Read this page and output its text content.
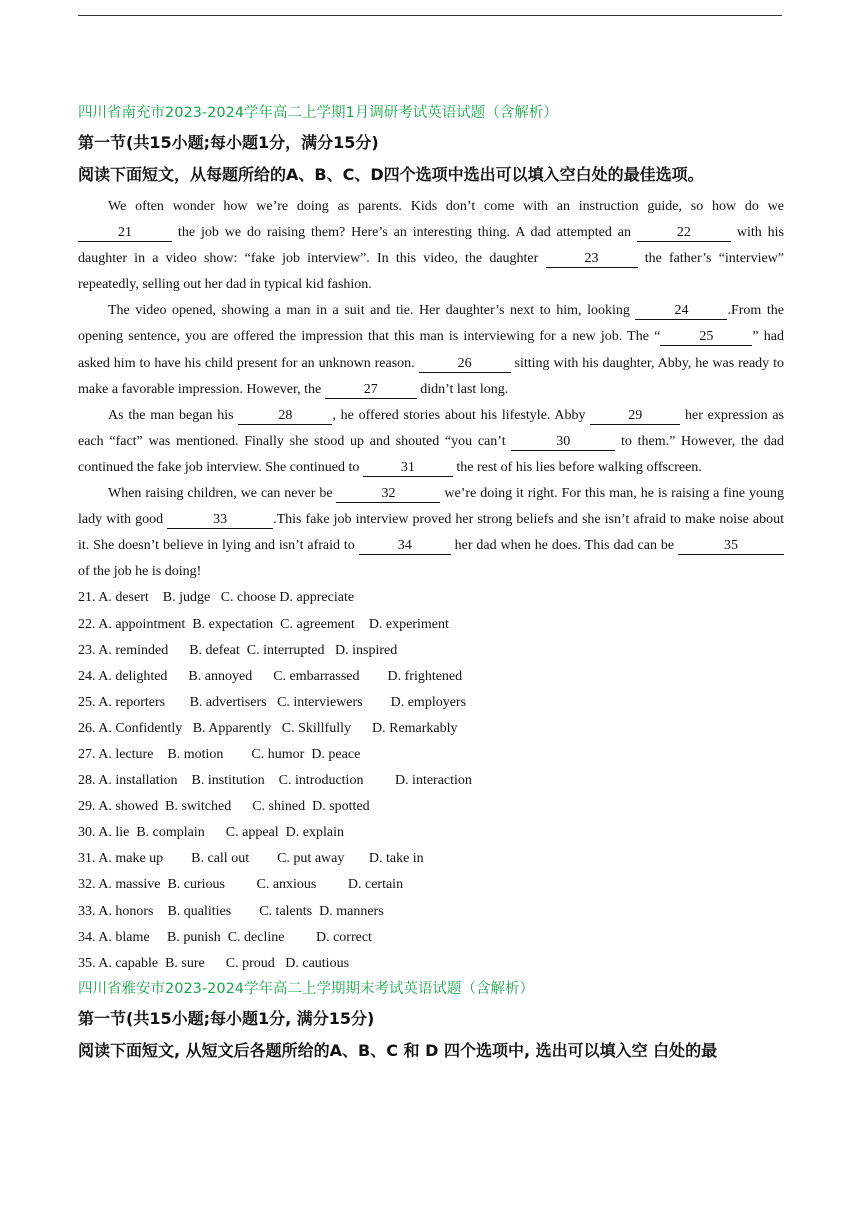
四川省南充市2023-2024学年高二上学期1月调研考试英语试题（含解析）
第一节(共15小题;每小题1分，满分15分)
阅读下面短文，从每题所给的A、B、C、D四个选项中选出可以填入空白处的最佳选项。

We often wonder how we’re doing as parents. Kids don’t come with an instruction guide, so how do we 21	the job we do raising them? Here’s an interesting thing. A dad attempted an	22	with his daughter in a video show: “fake job interview”. In this video, the daughter	23	the father’s “interview” repeatedly, selling out her dad in typical kid fashion.

The video opened, showing a man in a suit and tie. Her daughter’s next to him, looking	24	.From the opening sentence, you are offered the impression that this man is interviewing for a new job. The “	25	” had asked him to have his child present for an unknown reason.	26	sitting with his daughter, Abby, he was ready to make a favorable impression. However, the	27	didn’t last long.

As the man began his	28	, he offered stories about his lifestyle. Abby	29	her expression as each “fact” was mentioned. Finally she stood up and shouted “you can’t	30	to them.” However, the dad continued the fake job interview. She continued to	31	the rest of his lies before walking offscreen.

When raising children, we can never be	32	we’re doing it right. For this man, he is raising a fine young lady with good	33	.This fake job interview proved her strong beliefs and she isn’t afraid to make noise about it. She doesn’t believe in lying and isn’t afraid to	34	her dad when he does. This dad can be	35 of the job he is doing!

21. A. desert    B. judge   C. choose D. appreciate
22. A. appointment  B. expectation  C. agreement    D. experiment
23. A. reminded      B. defeat  C. interrupted   D. inspired
24. A. delighted      B. annoyed      C. embarrassed        D. frightened
25. A. reporters       B. advertisers   C. interviewers        D. employers
26. A. Confidently   B. Apparently   C. Skillfully      D. Remarkably
27. A. lecture    B. motion        C. humor  D. peace
28. A. installation    B. institution    C. introduction         D. interaction
29. A. showed  B. switched      C. shined  D. spotted
30. A. lie  B. complain      C. appeal  D. explain
31. A. make up        B. call out        C. put away       D. take in
32. A. massive  B. curious         C. anxious         D. certain
33. A. honors    B. qualities        C. talents  D. manners
34. A. blame     B. punish  C. decline         D. correct
35. A. capable  B. sure      C. proud   D. cautious
四川省雅安市2023-2024学年高二上学期期末考试英语试题（含解析）
第一节(共15小题;每小题1分, 满分15分)
阅读下面短文, 从短文后各题所给的A、B、C 和 D 四个选项中, 选出可以填入空 白处的最
